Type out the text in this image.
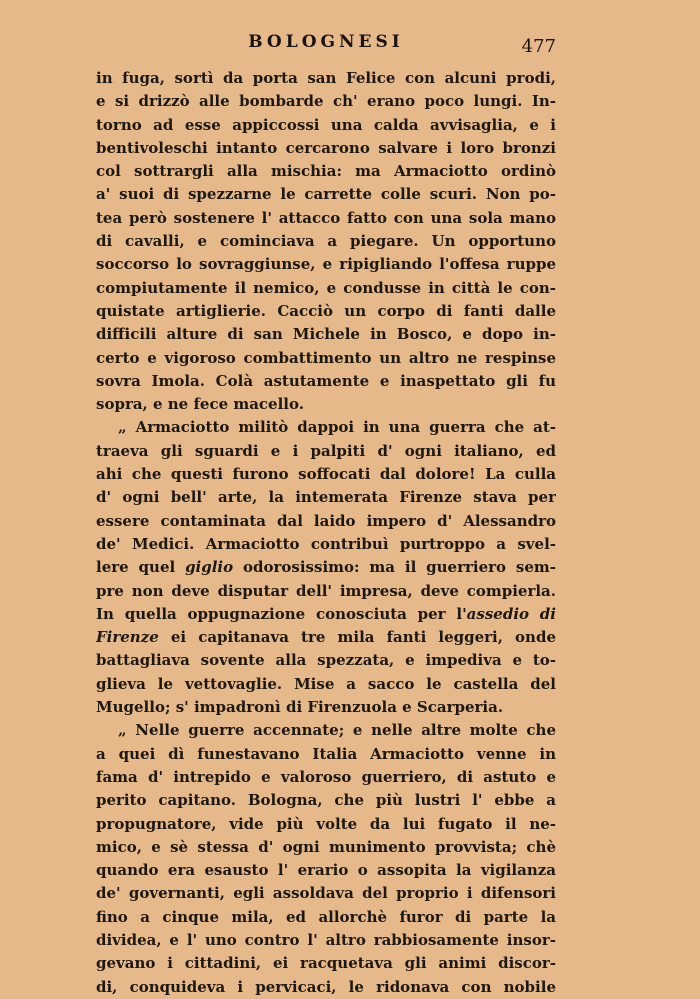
BOLOGNESI	477
in fuga, sortì da porta san Felice con alcuni prodi,
e si drizzò alle bombarde ch' erano poco lungi. In-
torno ad esse appiccossi una calda avvisaglia, e i
bentivoleschi intanto cercarono salvare i loro bronzi
col sottrargli alla mischia: ma Armaciotto ordinò
a' suoi di spezzarne le carrette colle scuri. Non po-
tea però sostenere l' attacco fatto con una sola mano
di cavalli, e cominciava a piegare. Un opportuno
soccorso lo sovraggiunse, e ripigliando l'offesa ruppe
compiutamente il nemico, e condusse in città le con-
quistate artiglierie. Cacciò un corpo di fanti dalle
difficili alture di san Michele in Bosco, e dopo in-
certo e vigoroso combattimento un altro ne respinse
sovra Imola. Colà astutamente e inaspettato gli fu
sopra, e ne fece macello.
„ Armaciotto militò dappoi in una guerra che at-
traeva gli sguardi e i palpiti d' ogni italiano, ed
ahi che questi furono soffocati dal dolore! La culla
d' ogni bell' arte, la intemerata Firenze stava per
essere contaminata dal laido impero d' Alessandro
de' Medici. Armaciotto contribuì purtroppo a svel-
lere quel giglio odorosissimo: ma il guerriero sem-
pre non deve disputar dell' impresa, deve compierla.
In quella oppugnazione conosciuta per l'assedio di
Firenze ei capitanava tre mila fanti leggeri, onde
battagliava sovente alla spezzata, e impediva e to-
glieva le vettovaglie. Mise a sacco le castella del
Mugello; s' impadronì di Firenzuola e Scarperia.
„ Nelle guerre accennate; e nelle altre molte che
a quei dì funestavano Italia Armaciotto venne in
fama d' intrepido e valoroso guerriero, di astuto e
perito capitano. Bologna, che più lustri l' ebbe a
propugnatore, vide più volte da lui fugato il ne-
mico, e sè stessa d' ogni munimento provvista; chè
quando era esausto l' erario o assopita la vigilanza
de' governanti, egli assoldava del proprio i difensori
fino a cinque mila, ed allorchè furor di parte la
divideа, e l' uno contro l' altro rabbiosamente insor-
gevano i cittadini, ei racquetava gli animi discor-
di, conquideva i pervicaci, le ridonava con nobile
